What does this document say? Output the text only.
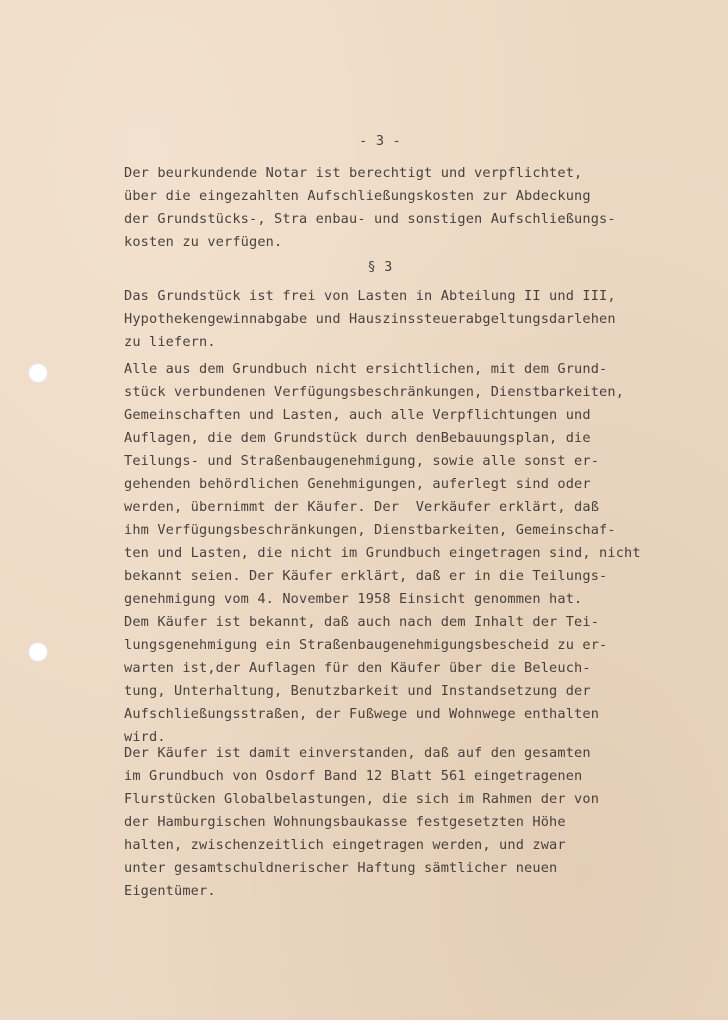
- 3 -
Der beurkundende Notar ist berechtigt und verpflichtet,
über die eingezahlten Aufschließungskosten zur Abdeckung
der Grundstücks-, Stra enbau- und sonstigen Aufschließungs-
kosten zu verfügen.
§ 3
Das Grundstück ist frei von Lasten in Abteilung II und III,
Hypothekengewinnabgabe und Hauszinssteuerabgeltungsdarlehen
zu liefern.
Alle aus dem Grundbuch nicht ersichtlichen, mit dem Grund-
stück verbundenen Verfügungsbeschränkungen, Dienstbarkeiten,
Gemeinschaften und Lasten, auch alle Verpflichtungen und
Auflagen, die dem Grundstück durch denBebauungsplan, die
Teilungs- und Straßenbaugenehmigung, sowie alle sonst er-
gehenden behördlichen Genehmigungen, auferlegt sind oder
werden, übernimmt der Käufer. Der  Verkäufer erklärt, daß
ihm Verfügungsbeschränkungen, Dienstbarkeiten, Gemeinschaf-
ten und Lasten, die nicht im Grundbuch eingetragen sind, nicht
bekannt seien. Der Käufer erklärt, daß er in die Teilungs-
genehmigung vom 4. November 1958 Einsicht genommen hat.
Dem Käufer ist bekannt, daß auch nach dem Inhalt der Tei-
lungsgenehmigung ein Straßenbaugenehmigungsbescheid zu er-
warten ist,der Auflagen für den Käufer über die Beleuch-
tung, Unterhaltung, Benutzbarkeit und Instandsetzung der
Aufschließungsstraßen, der Fußwege und Wohnwege enthalten
wird.
Der Käufer ist damit einverstanden, daß auf den gesamten
im Grundbuch von Osdorf Band 12 Blatt 561 eingetragenen
Flurstücken Globalbelastungen, die sich im Rahmen der von
der Hamburgischen Wohnungsbaukasse festgesetzten Höhe
halten, zwischenzeitlich eingetragen werden, und zwar
unter gesamtschuldnerischer Haftung sämtlicher neuen
Eigentümer.
